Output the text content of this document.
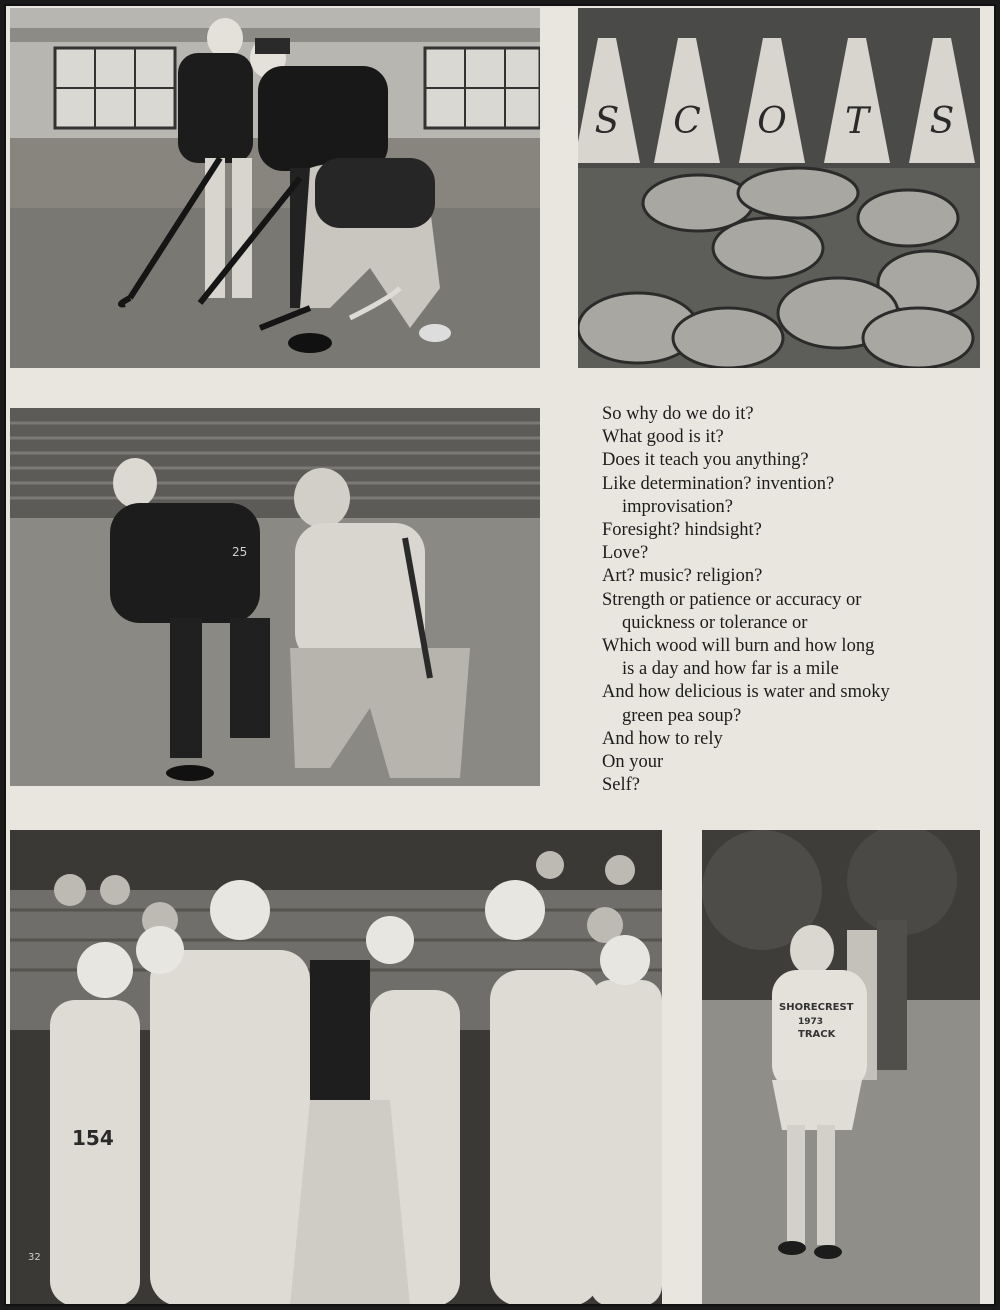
S C O T S
25
So why do we do it?
What good is it?
Does it teach you anything?
Like determination? invention?
improvisation?
Foresight? hindsight?
Love?
Art? music? religion?
Strength or patience or accuracy or
quickness or tolerance or
Which wood will burn and how long
is a day and how far is a mile
And how delicious is water and smoky
green pea soup?
And how to rely
On your
Self?
154
32
SHORECREST
1973
TRACK
